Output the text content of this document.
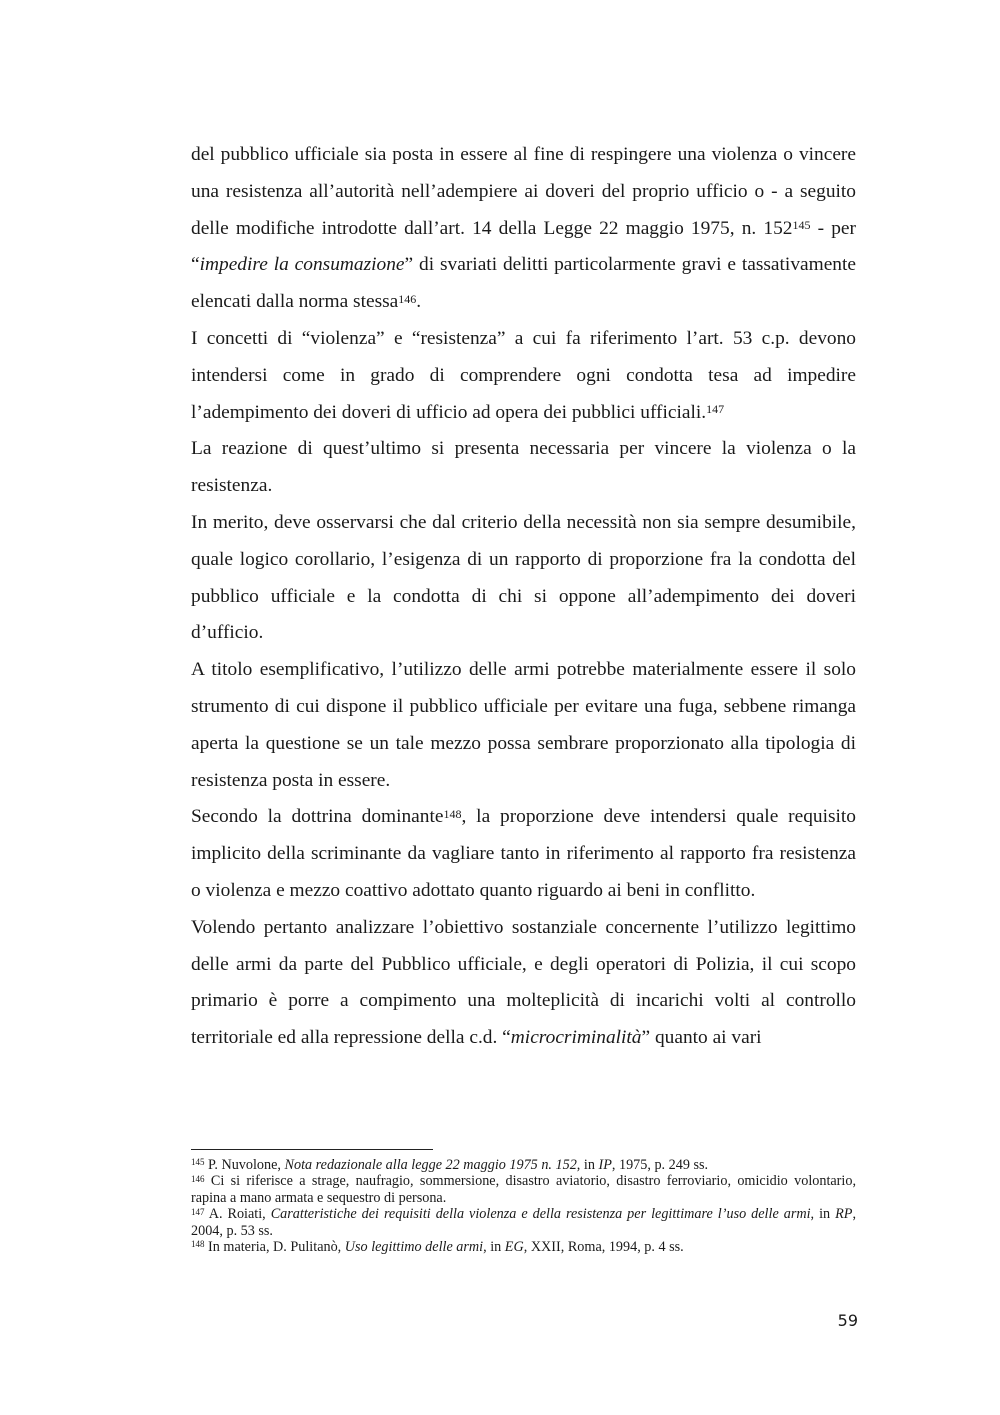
del pubblico ufficiale sia posta in essere al fine di respingere una violenza o vincere una resistenza all’autorità nell’adempiere ai doveri del proprio ufficio o - a seguito delle modifiche introdotte dall’art. 14 della Legge 22 maggio 1975, n. $152^{145}$ - per “impedire la consumazione” di svariati delitti particolarmente gravi e tassativamente elencati dalla norma stessa$^{146}$.

I concetti di “violenza” e “resistenza” a cui fa riferimento l’art. 53 c.p. devono intendersi come in grado di comprendere ogni condotta tesa ad impedire l’adempimento dei doveri di ufficio ad opera dei pubblici ufficiali.$^{147}$

La reazione di quest’ultimo si presenta necessaria per vincere la violenza o la resistenza.

In merito, deve osservarsi che dal criterio della necessità non sia sempre desumibile, quale logico corollario, l’esigenza di un rapporto di proporzione fra la condotta del pubblico ufficiale e la condotta di chi si oppone all’adempimento dei doveri d’ufficio.

A titolo esemplificativo, l’utilizzo delle armi potrebbe materialmente essere il solo strumento di cui dispone il pubblico ufficiale per evitare una fuga, sebbene rimanga aperta la questione se un tale mezzo possa sembrare proporzionato alla tipologia di resistenza posta in essere.

Secondo la dottrina dominante$^{148}$, la proporzione deve intendersi quale requisito implicito della scriminante da vagliare tanto in riferimento al rapporto fra resistenza o violenza e mezzo coattivo adottato quanto riguardo ai beni in conflitto.

Volendo pertanto analizzare l’obiettivo sostanziale concernente l’utilizzo legittimo delle armi da parte del Pubblico ufficiale, e degli operatori di Polizia, il cui scopo primario è porre a compimento una molteplicità di incarichi volti al controllo territoriale ed alla repressione della c.d. “microcriminalità” quanto ai vari

$^{145}$ P. Nuvolone, Nota redazionale alla legge 22 maggio 1975 n. 152, in IP, 1975, p. 249 ss.

$^{146}$ Ci si riferisce a strage, naufragio, sommersione, disastro aviatorio, disastro ferroviario, omicidio volontario, rapina a mano armata e sequestro di persona.

$^{147}$ A. Roiati, Caratteristiche dei requisiti della violenza e della resistenza per legittimare l’uso delle armi, in RP, 2004, p. 53 ss.

$^{148}$ In materia, D. Pulitanò, Uso legittimo delle armi, in EG, XXII, Roma, 1994, p. 4 ss.

59
